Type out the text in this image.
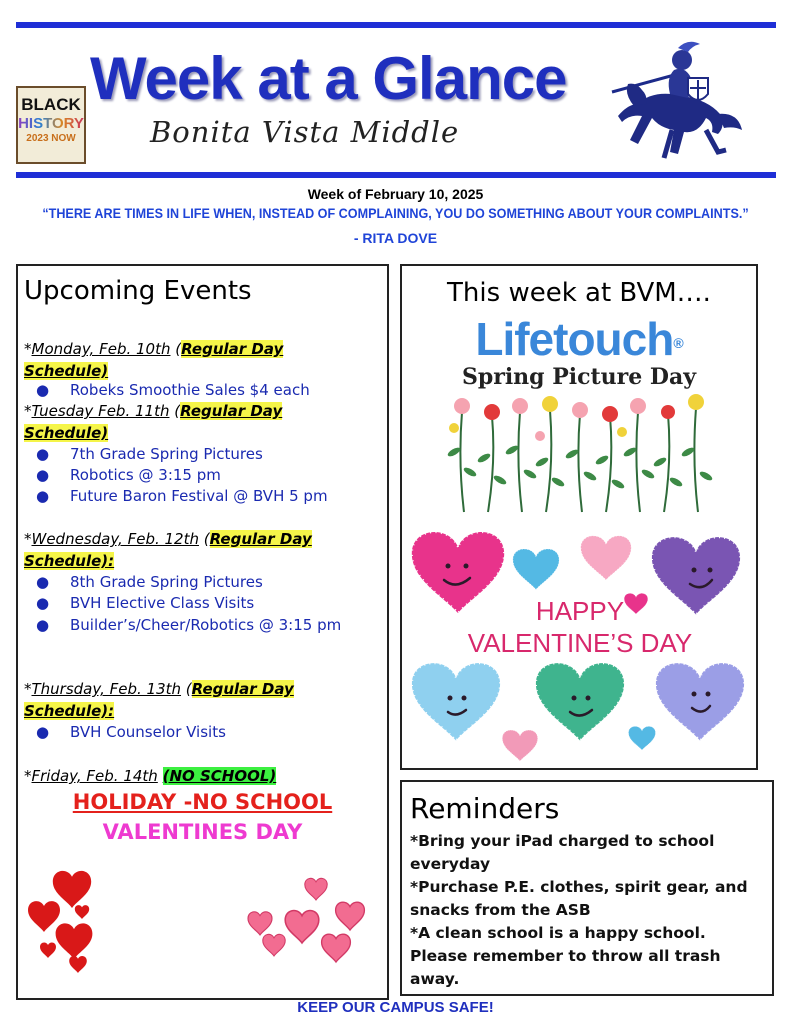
Week at a Glance
Bonita Vista Middle
BLACK
HISTORY
2023 NOW
Week of February 10, 2025
“THERE ARE TIMES IN LIFE WHEN, INSTEAD OF COMPLAINING, YOU DO SOMETHING ABOUT YOUR COMPLAINTS.”
- RITA DOVE
Upcoming Events
*Monday, Feb. 10th (Regular Day
Schedule)
● Robeks Smoothie Sales $4 each
*Tuesday Feb. 11th (Regular Day
Schedule)
● 7th Grade Spring Pictures
● Robotics @ 3:15 pm
● Future Baron Festival @ BVH 5 pm
*Wednesday, Feb. 12th (Regular Day
Schedule):
● 8th Grade Spring Pictures
● BVH Elective Class Visits
● Builder’s/Cheer/Robotics @ 3:15 pm
*Thursday, Feb. 13th (Regular Day
Schedule):
● BVH Counselor Visits
*Friday, Feb. 14th (NO SCHOOL)
HOLIDAY -NO SCHOOL
VALENTINES DAY
This week at BVM….
Lifetouch®
Spring Picture Day
HAPPY
VALENTINE’S DAY
Reminders
*Bring your iPad charged to school everyday
*Purchase P.E. clothes, spirit gear, and snacks from the ASB
*A clean school is a happy school. Please remember to throw all trash away.
KEEP OUR CAMPUS SAFE!
